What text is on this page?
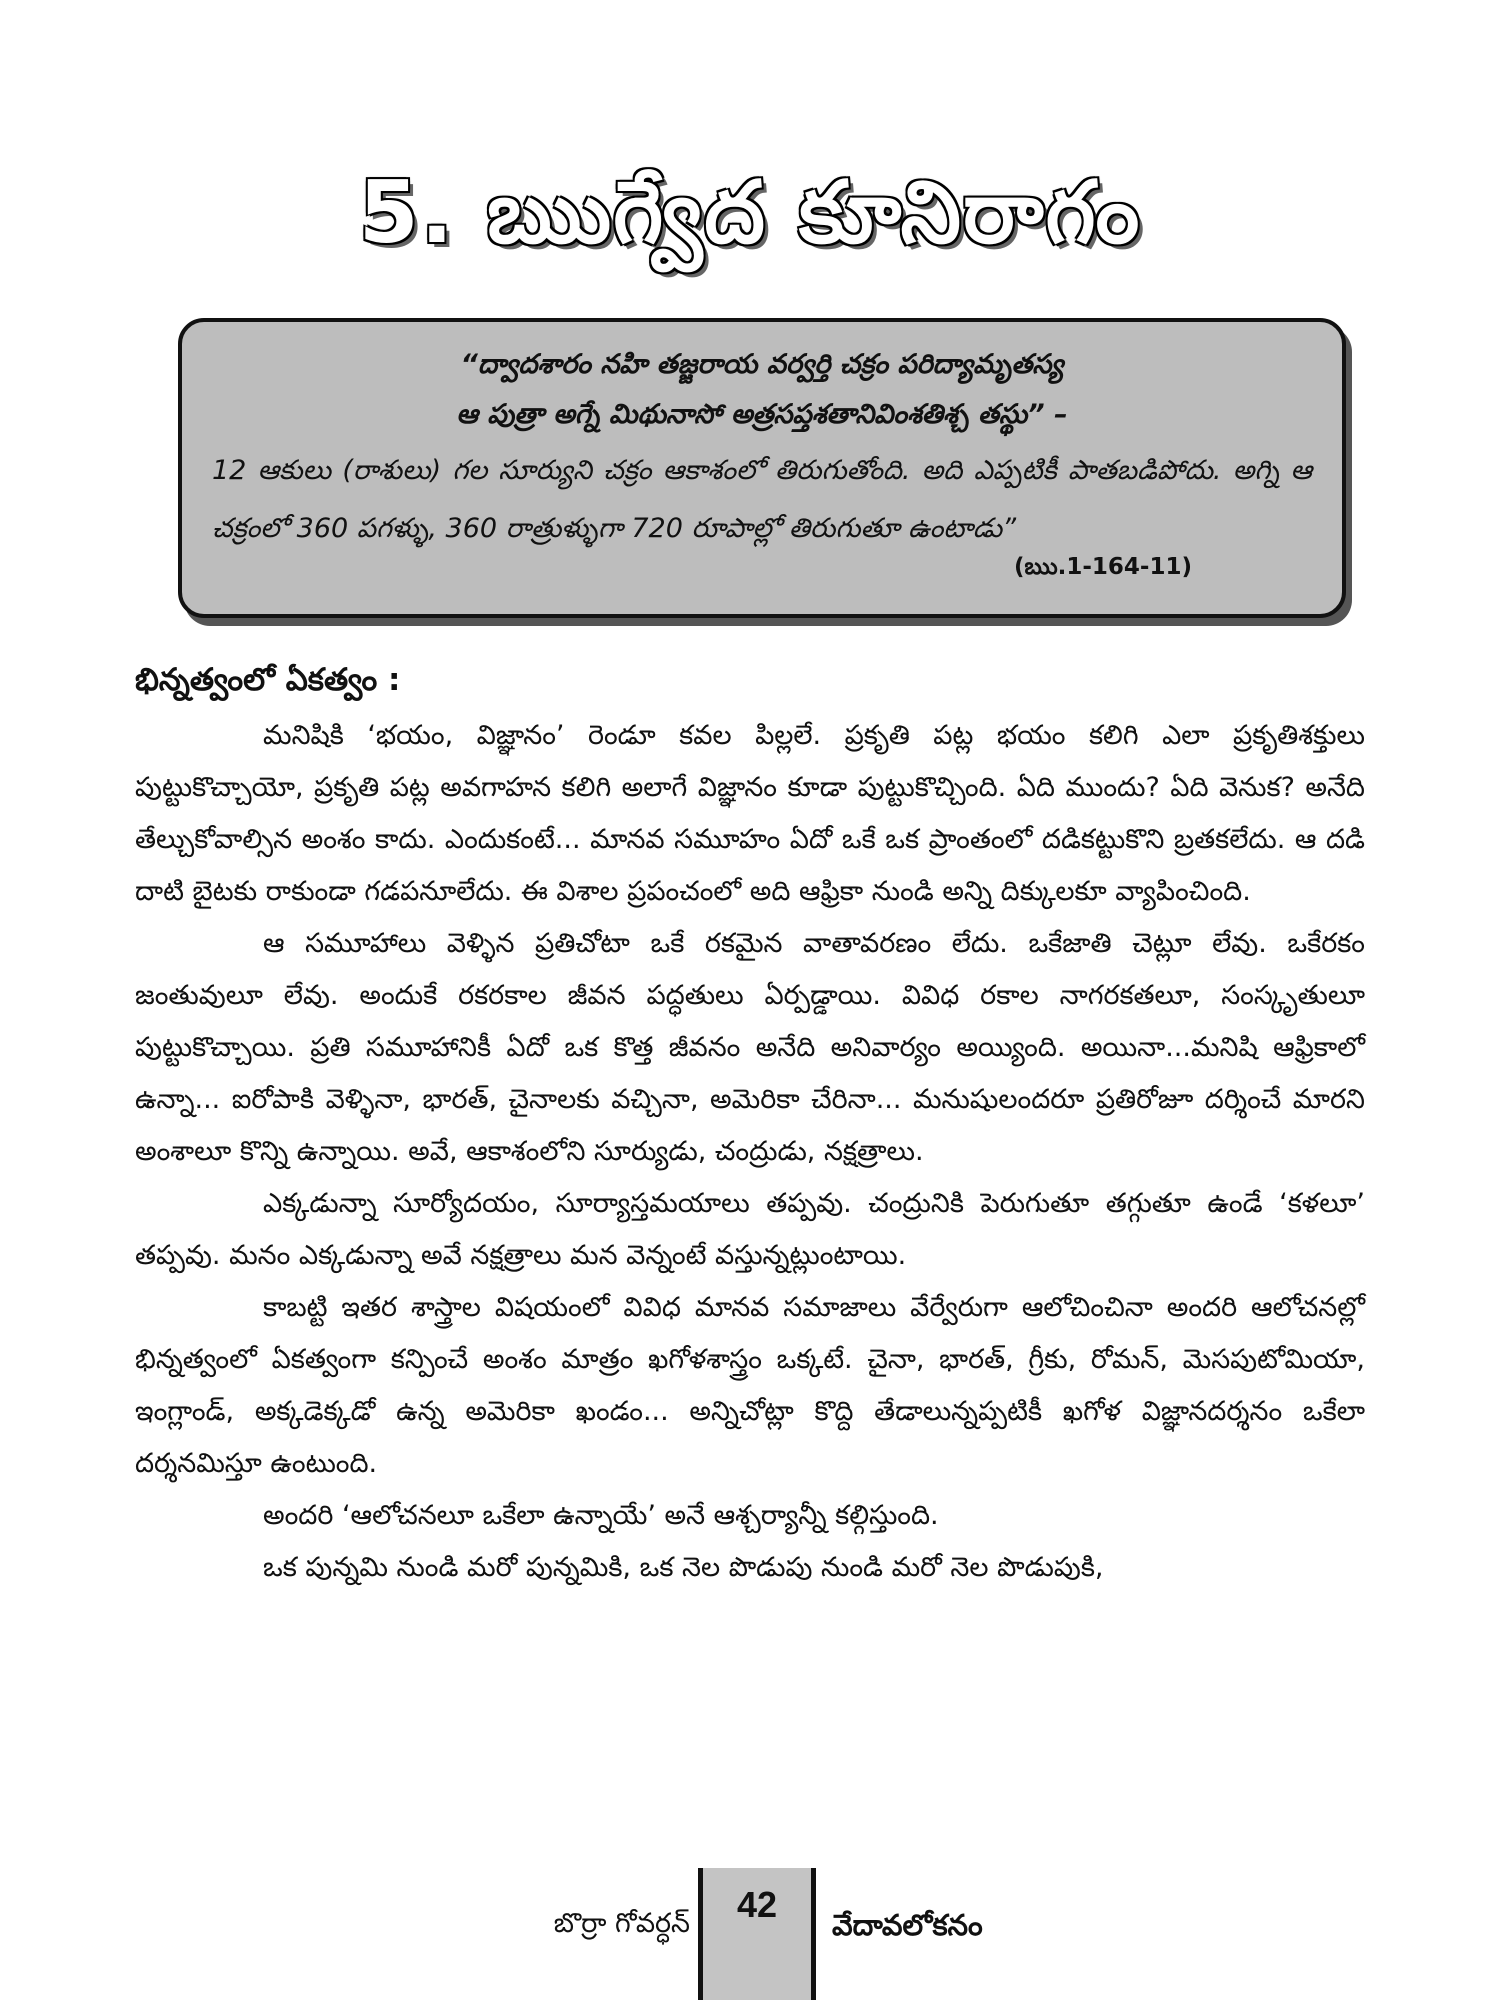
5. ఋగ్వేద కూనిరాగం

“ద్వాదశారం నహి తజ్జరాయ వర్వర్తి చక్రం పరిద్యామృతస్య

ఆ పుత్రా అగ్నే మిథునాసో అత్రసప్తశతానివింశతిశ్చ తస్థు” –

12 ఆకులు (రాశులు) గల సూర్యుని చక్రం ఆకాశంలో తిరుగుతోంది. అది ఎప్పటికీ పాతబడిపోదు. అగ్ని ఆ చక్రంలో 360 పగళ్ళు, 360 రాత్రుళ్ళుగా 720 రూపాల్లో తిరుగుతూ ఉంటాడు”

(ఋ.1-164-11)
భిన్నత్వంలో ఏకత్వం :

మనిషికి ‘భయం, విజ్ఞానం’ రెండూ కవల పిల్లలే. ప్రకృతి పట్ల భయం కలిగి ఎలా ప్రకృతిశక్తులు పుట్టుకొచ్చాయో, ప్రకృతి పట్ల అవగాహన కలిగి అలాగే విజ్ఞానం కూడా పుట్టుకొచ్చింది. ఏది ముందు? ఏది వెనుక? అనేది తేల్చుకోవాల్సిన అంశం కాదు. ఎందుకంటే... మానవ సమూహం ఏదో ఒకే ఒక ప్రాంతంలో దడికట్టుకొని బ్రతకలేదు. ఆ దడి దాటి బైటకు రాకుండా గడపనూలేదు. ఈ విశాల ప్రపంచంలో అది ఆఫ్రికా నుండి అన్ని దిక్కులకూ వ్యాపించింది.

ఆ సమూహాలు వెళ్ళిన ప్రతిచోటా ఒకే రకమైన వాతావరణం లేదు. ఒకేజాతి చెట్లూ లేవు. ఒకేరకం జంతువులూ లేవు. అందుకే రకరకాల జీవన పద్ధతులు ఏర్పడ్డాయి. వివిధ రకాల నాగరకతలూ, సంస్కృతులూ పుట్టుకొచ్చాయి. ప్రతి సమూహానికీ ఏదో ఒక కొత్త జీవనం అనేది అనివార్యం అయ్యింది. అయినా...మనిషి ఆఫ్రికాలో ఉన్నా... ఐరోపాకి వెళ్ళినా, భారత్, చైనాలకు వచ్చినా, అమెరికా చేరినా... మనుషులందరూ ప్రతిరోజూ దర్శించే మారని అంశాలూ కొన్ని ఉన్నాయి. అవే, ఆకాశంలోని సూర్యుడు, చంద్రుడు, నక్షత్రాలు.

ఎక్కడున్నా సూర్యోదయం, సూర్యాస్తమయాలు తప్పవు. చంద్రునికి పెరుగుతూ తగ్గుతూ ఉండే ‘కళలూ’ తప్పవు. మనం ఎక్కడున్నా అవే నక్షత్రాలు మన వెన్నంటే వస్తున్నట్లుంటాయి.

కాబట్టి ఇతర శాస్త్రాల విషయంలో వివిధ మానవ సమాజాలు వేర్వేరుగా ఆలోచించినా అందరి ఆలోచనల్లో భిన్నత్వంలో ఏకత్వంగా కన్పించే అంశం మాత్రం ఖగోళశాస్త్రం ఒక్కటే. చైనా, భారత్, గ్రీకు, రోమన్, మెసపుటోమియా, ఇంగ్లాండ్, అక్కడెక్కడో ఉన్న అమెరికా ఖండం... అన్నిచోట్లా కొద్ది తేడాలున్నప్పటికీ ఖగోళ విజ్ఞానదర్శనం ఒకేలా దర్శనమిస్తూ ఉంటుంది.

అందరి ‘ఆలోచనలూ ఒకేలా ఉన్నాయే’ అనే ఆశ్చర్యాన్నీ కల్గిస్తుంది.

ఒక పున్నమి నుండి మరో పున్నమికి, ఒక నెల పొడుపు నుండి మరో నెల పొడుపుకి,

బొర్రా గోవర్ధన్	42	వేదావలోకనం
